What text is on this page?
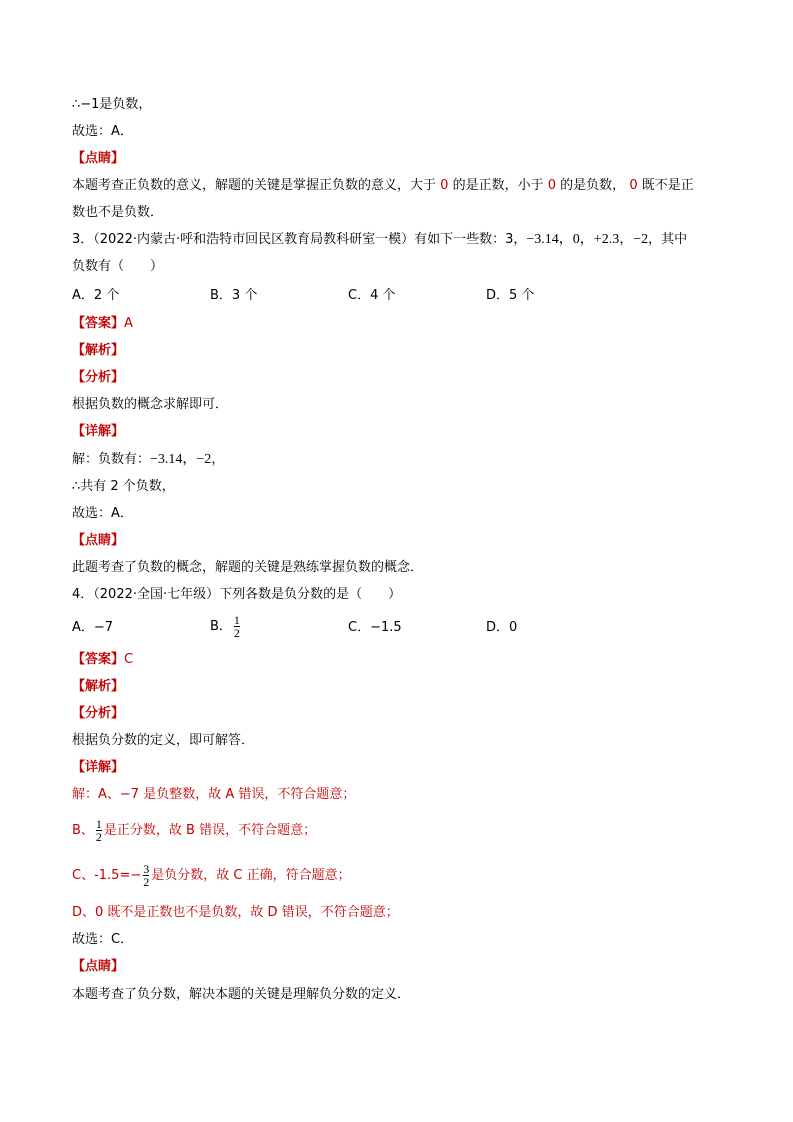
∴−1是负数，
故选：A．
【点睛】
本题考查正负数的意义，解题的关键是掌握正负数的意义，大于 0 的是正数，小于 0 的是负数， 0 既不是正
数也不是负数．
3．（2022·内蒙古·呼和浩特市回民区教育局教科研室一模）有如下一些数：3，−3.14，0，+2.3，−2，其中
负数有（　　）
A．2 个	B．3 个	C．4 个	D．5 个
【答案】A
【解析】
【分析】
根据负数的概念求解即可．
【详解】
解：负数有：−3.14，−2，
∴共有 2 个负数，
故选：A．
【点睛】
此题考查了负数的概念，解题的关键是熟练掌握负数的概念．
4．（2022·全国·七年级）下列各数是负分数的是（　　）
A．−7	B． $\frac{1}{2}$	C．−1.5	D．0
【答案】C
【解析】
【分析】
根据负分数的定义，即可解答．
【详解】
解：A、−7 是负整数，故 A 错误，不符合题意；
B、 $\frac{1}{2}$ 是正分数，故 B 错误，不符合题意；
C、$-1.5=- \frac{3}{2}$ 是负分数，故 C 正确，符合题意；
D、0 既不是正数也不是负数，故 D 错误，不符合题意；
故选：C．
【点睛】
本题考查了负分数，解决本题的关键是理解负分数的定义．
